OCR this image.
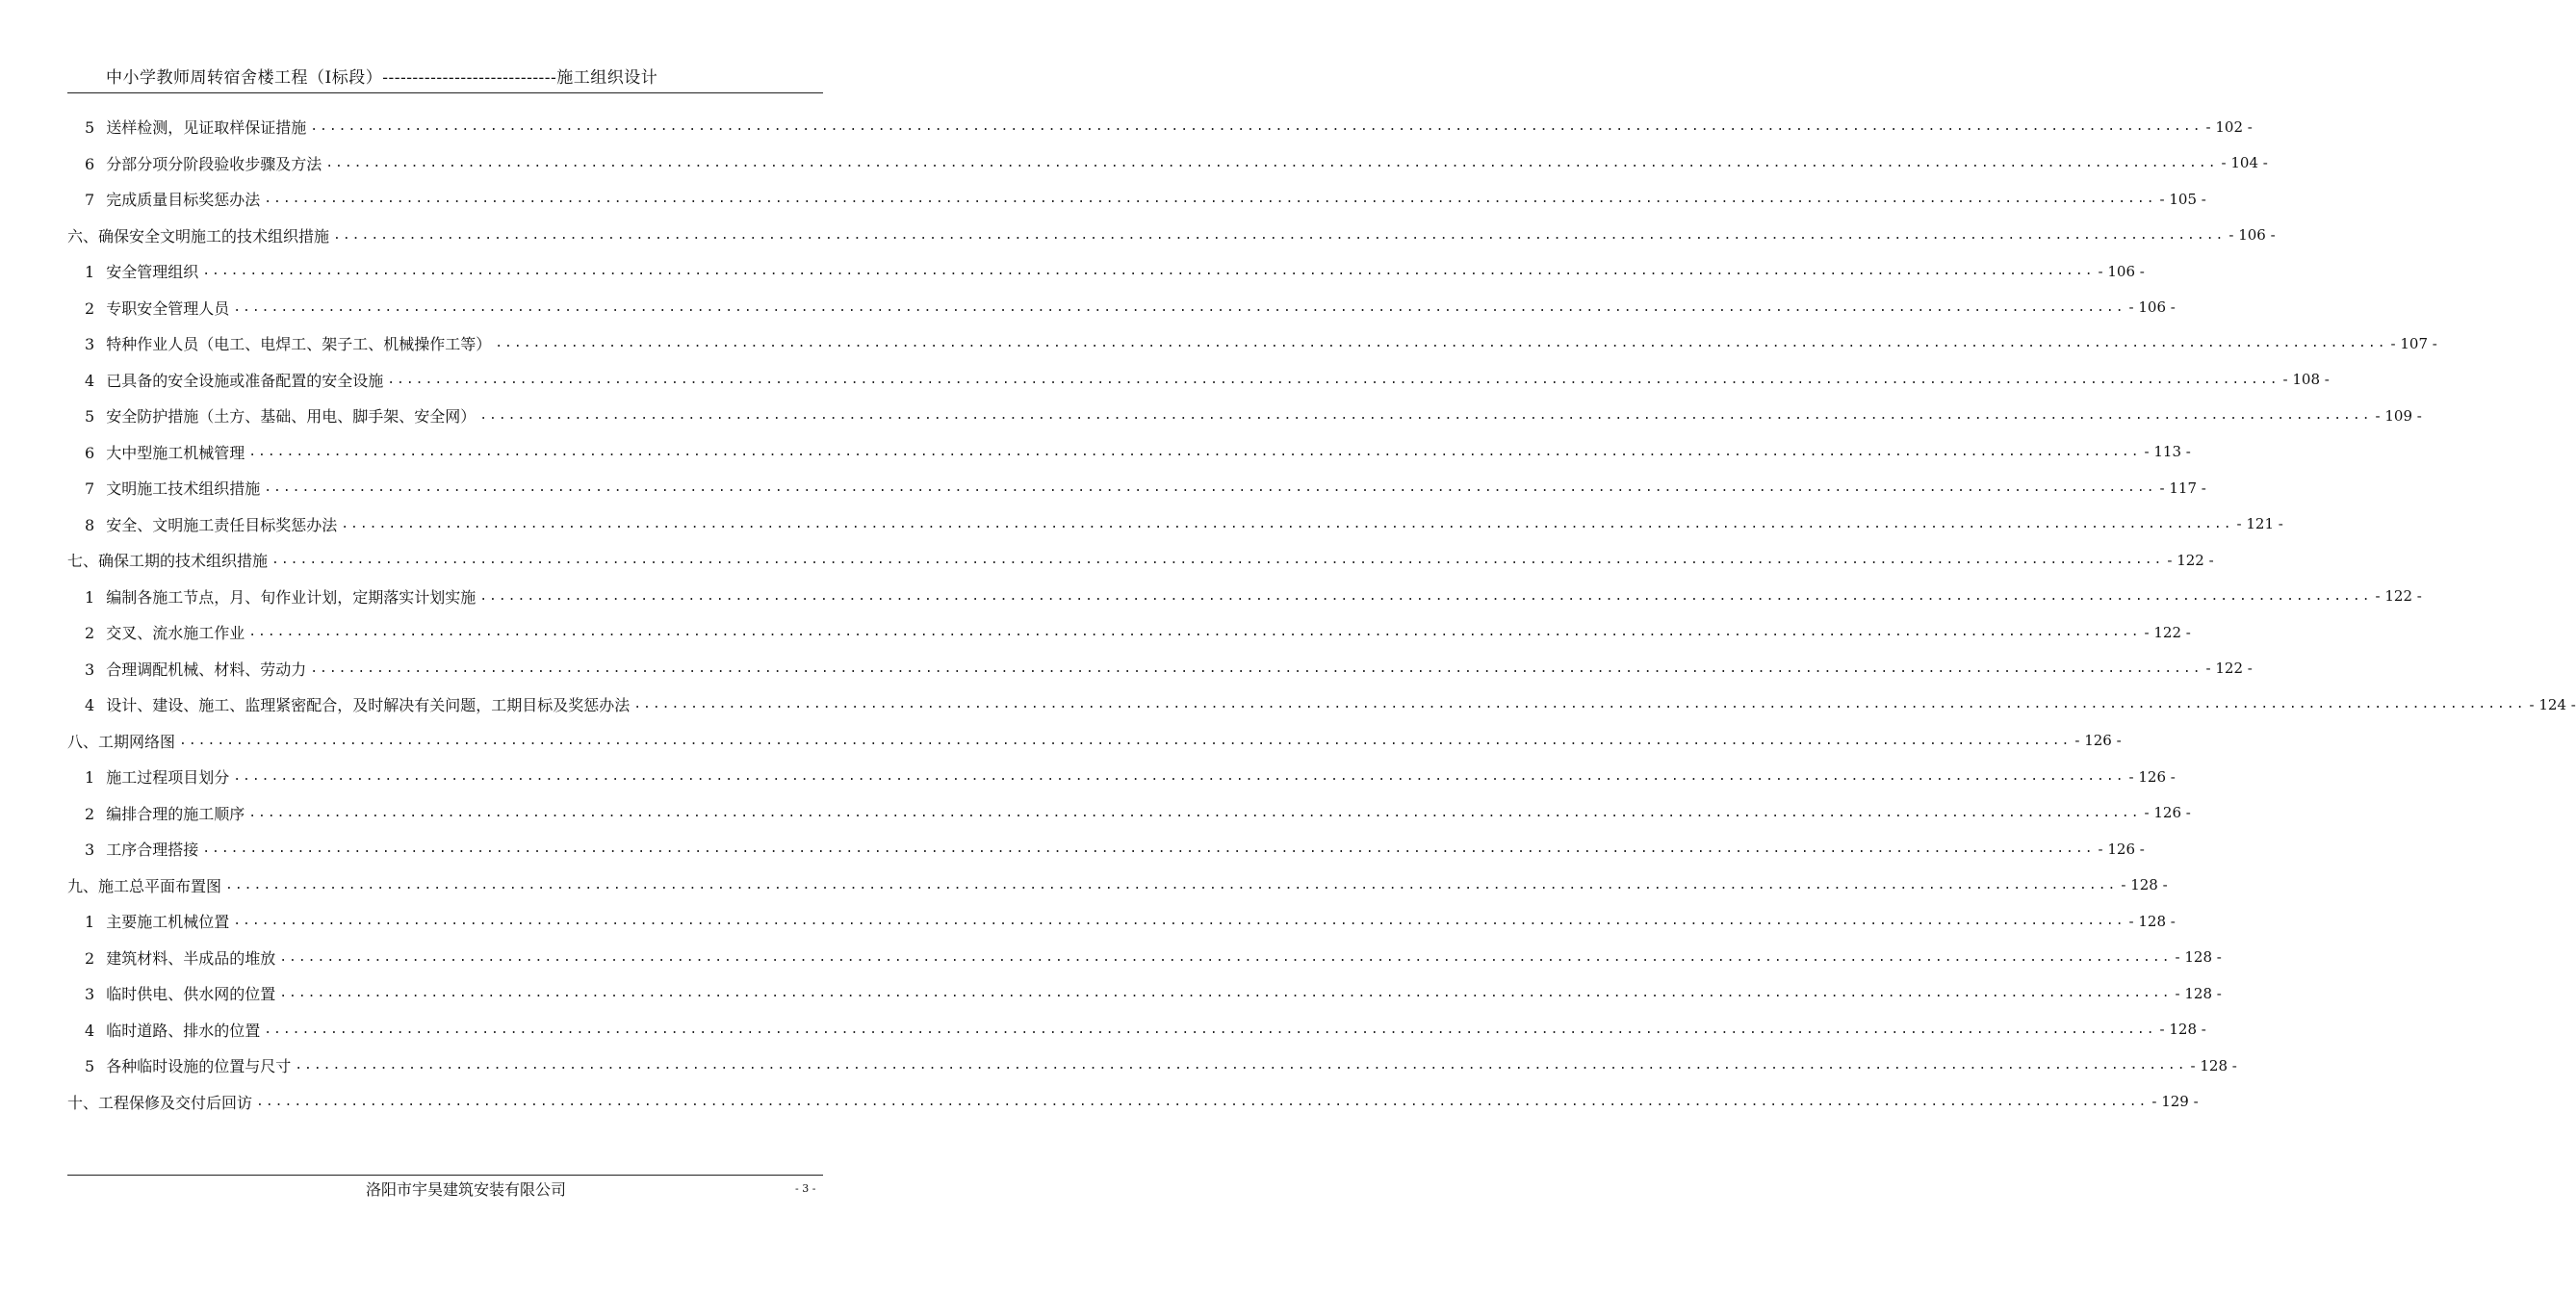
中小学教师周转宿舍楼工程（Ⅰ标段）-----------------------------施工组织设计
5 送样检测，见证取样保证措施 ........................................................................................................................................................................................................ - 102 -
6 分部分项分阶段验收步骤及方法 ........................................................................................................................................................................................................ - 104 -
7 完成质量目标奖惩办法 ........................................................................................................................................................................................................ - 105 -
六、确保安全文明施工的技术组织措施 ........................................................................................................................................................................................................ - 106 -
1 安全管理组织 ........................................................................................................................................................................................................ - 106 -
2 专职安全管理人员 ........................................................................................................................................................................................................ - 106 -
3 特种作业人员（电工、电焊工、架子工、机械操作工等） ........................................................................................................................................................................................................ - 107 -
4 已具备的安全设施或准备配置的安全设施 ........................................................................................................................................................................................................ - 108 -
5 安全防护措施（土方、基础、用电、脚手架、安全网） ........................................................................................................................................................................................................ - 109 -
6 大中型施工机械管理 ........................................................................................................................................................................................................ - 113 -
7 文明施工技术组织措施 ........................................................................................................................................................................................................ - 117 -
8 安全、文明施工责任目标奖惩办法 ........................................................................................................................................................................................................ - 121 -
七、确保工期的技术组织措施 ........................................................................................................................................................................................................ - 122 -
1 编制各施工节点，月、旬作业计划，定期落实计划实施 ........................................................................................................................................................................................................ - 122 -
2 交叉、流水施工作业 ........................................................................................................................................................................................................ - 122 -
3 合理调配机械、材料、劳动力 ........................................................................................................................................................................................................ - 122 -
4 设计、建设、施工、监理紧密配合，及时解决有关问题，工期目标及奖惩办法 ........................................................................................................................................................................................................ - 124 -
八、工期网络图 ........................................................................................................................................................................................................ - 126 -
1 施工过程项目划分 ........................................................................................................................................................................................................ - 126 -
2 编排合理的施工顺序 ........................................................................................................................................................................................................ - 126 -
3 工序合理搭接 ........................................................................................................................................................................................................ - 126 -
九、施工总平面布置图 ........................................................................................................................................................................................................ - 128 -
1 主要施工机械位置 ........................................................................................................................................................................................................ - 128 -
2 建筑材料、半成品的堆放 ........................................................................................................................................................................................................ - 128 -
3 临时供电、供水网的位置 ........................................................................................................................................................................................................ - 128 -
4 临时道路、排水的位置 ........................................................................................................................................................................................................ - 128 -
5 各种临时设施的位置与尺寸 ........................................................................................................................................................................................................ - 128 -
十、工程保修及交付后回访 ........................................................................................................................................................................................................ - 129 -
洛阳市宇昊建筑安装有限公司	- 3 -
